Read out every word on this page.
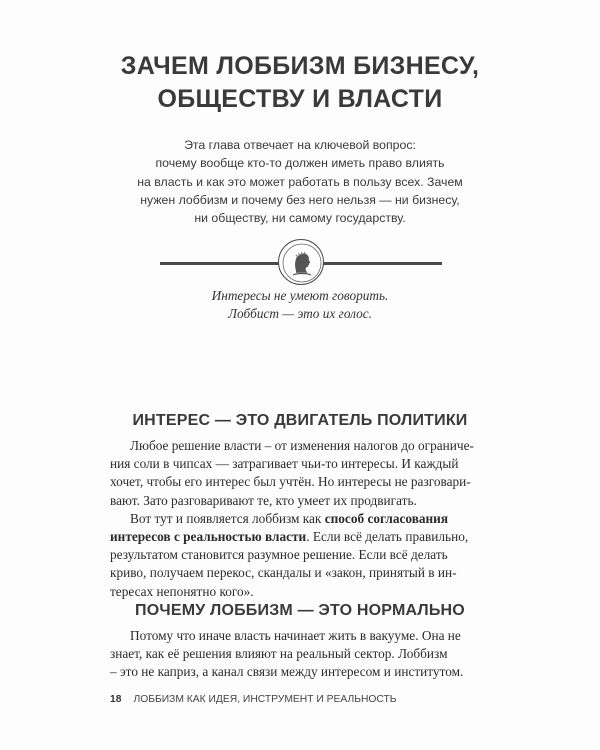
ЗАЧЕМ ЛОББИЗМ БИЗНЕСУ,
ОБЩЕСТВУ И ВЛАСТИ
Эта глава отвечает на ключевой вопрос:
почему вообще кто-то должен иметь право влиять
на власть и как это может работать в пользу всех. Зачем
нужен лоббизм и почему без него нельзя — ни бизнесу,
ни обществу, ни самому государству.
Интересы не умеют говорить.
Лоббист — это их голос.
ИНТЕРЕС — ЭТО ДВИГАТЕЛЬ ПОЛИТИКИ
Любое решение власти – от изменения налогов до ограниче-
ния соли в чипсах — затрагивает чьи-то интересы. И каждый
хочет, чтобы его интерес был учтён. Но интересы не разговари-
вают. Зато разговаривают те, кто умеет их продвигать.
Вот тут и появляется лоббизм как способ согласования
интересов с реальностью власти. Если всё делать правильно,
результатом становится разумное решение. Если всё делать
криво, получаем перекос, скандалы и «закон, принятый в ин-
тересах непонятно кого».
ПОЧЕМУ ЛОББИЗМ — ЭТО НОРМАЛЬНО
Потому что иначе власть начинает жить в вакууме. Она не
знает, как её решения влияют на реальный сектор. Лоббизм
– это не каприз, а канал связи между интересом и институтом.
18 ЛОББИЗМ КАК ИДЕЯ, ИНСТРУМЕНТ И РЕАЛЬНОСТЬ
